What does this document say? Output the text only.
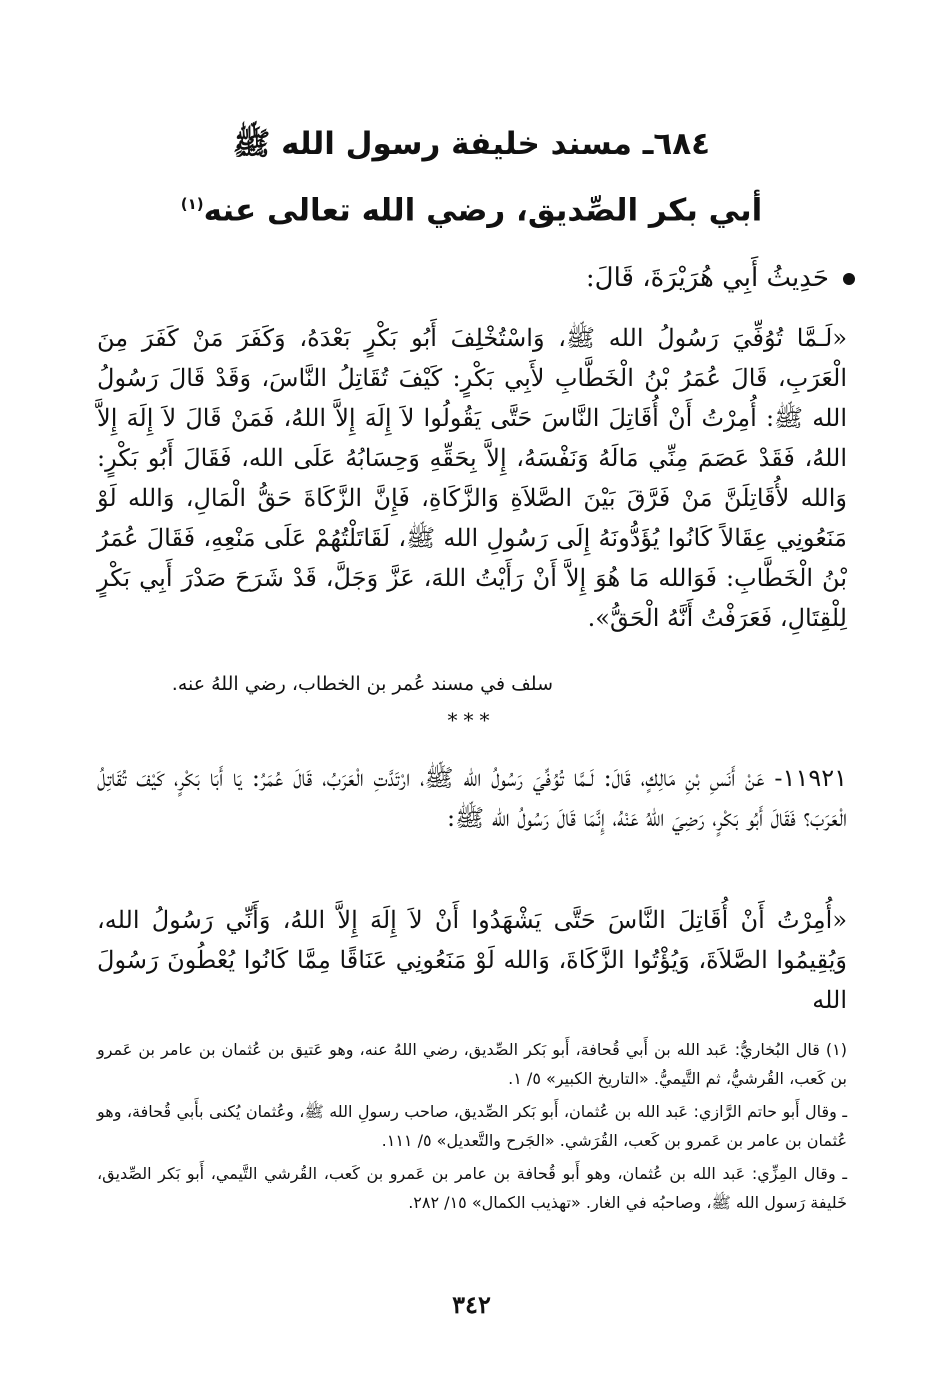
٦٨٤ـ مسند خليفة رسول الله ﷺ
أبي بكر الصِّديق، رضي الله تعالى عنه$^{(١)}$
حَدِيثُ أَبِي هُرَيْرَةَ، قَالَ:
«لَـمَّا تُوُفِّيَ رَسُولُ الله ﷺ، وَاسْتُخْلِفَ أَبُو بَكْرٍ بَعْدَهُ، وَكَفَرَ مَنْ كَفَرَ مِنَ الْعَرَبِ، قَالَ عُمَرُ بْنُ الْخَطَّابِ لأَبِي بَكْرٍ: كَيْفَ تُقَاتِلُ النَّاسَ، وَقَدْ قَالَ رَسُولُ الله ﷺ: أُمِرْتُ أَنْ أُقَاتِلَ النَّاسَ حَتَّى يَقُولُوا لاَ إِلَهَ إِلاَّ اللهُ، فَمَنْ قَالَ لاَ إِلَهَ إِلاَّ اللهُ، فَقَدْ عَصَمَ مِنِّي مَالَهُ وَنَفْسَهُ، إِلاَّ بِحَقِّهِ وَحِسَابُهُ عَلَى الله، فَقَالَ أَبُو بَكْرٍ: وَالله لأُقَاتِلَنَّ مَنْ فَرَّقَ بَيْنَ الصَّلاَةِ وَالزَّكَاةِ، فَإِنَّ الزَّكَاةَ حَقُّ الْمَالِ، وَالله لَوْ مَنَعُونِي عِقَالاً كَانُوا يُؤَدُّونَهُ إِلَى رَسُولِ الله ﷺ، لَقَاتَلْتُهُمْ عَلَى مَنْعِهِ، فَقَالَ عُمَرُ بْنُ الْخَطَّابِ: فَوَالله مَا هُوَ إِلاَّ أَنْ رَأَيْتُ اللهَ، عَزَّ وَجَلَّ، قَدْ شَرَحَ صَدْرَ أَبِي بَكْرٍ لِلْقِتَالِ، فَعَرَفْتُ أَنَّهُ الْحَقُّ».
سلف في مسند عُمر بن الخطاب، رضي اللهُ عنه.
***
١١٩٢١- عَنْ أَنَسِ بْنِ مَالِكٍ، قَالَ: لَـمَّا تُوُفِّيَ رَسُولُ الله ﷺ، ارْتَدَّتِ الْعَرَبُ، قَالَ عُمَرُ: يَا أَبَا بَكْرٍ، كَيْفَ تُقَاتِلُ الْعَرَبَ؟ فَقَالَ أَبُو بَكْرٍ، رَضِيَ اللهُ عَنْهُ، إِنَّمَا قَالَ رَسُولُ الله ﷺ:
«أُمِرْتُ أَنْ أُقَاتِلَ النَّاسَ حَتَّى يَشْهَدُوا أَنْ لاَ إِلَهَ إِلاَّ اللهُ، وَأَنِّي رَسُولُ الله، وَيُقِيمُوا الصَّلاَةَ، وَيُؤْتُوا الزَّكَاةَ، وَالله لَوْ مَنَعُونِي عَنَاقًا مِمَّا كَانُوا يُعْطُونَ رَسُولَ الله

(١) قال البُخاريُّ: عَبد الله بن أَبي قُحافة، أَبو بَكر الصِّديق، رضي اللهُ عنه، وهو عَتيق بن عُثمان بن عامر بن عَمرو بن كَعب، القُرشيُّ، ثم التَّيميُّ. «التاريخ الكبير» ٥/ ١.

ـ وقال أَبو حاتم الرَّازي: عَبد الله بن عُثمان، أَبو بَكر الصِّديق، صاحب رسولِ الله ﷺ، وعُثمان يُكنى بأَبي قُحافة، وهو عُثمان بن عامر بن عَمرو بن كَعب، القُرَشي. «الجَرح والتَّعديل» ٥/ ١١١.

ـ وقال المِزِّي: عَبد الله بن عُثمان، وهو أَبو قُحافة بن عامر بن عَمرو بن كَعب، القُرشي التَّيمي، أَبو بَكر الصِّديق، خَليفة رَسول الله ﷺ، وصاحبُه في الغار. «تهذيب الكمال» ١٥/ ٢٨٢.

٣٤٢
